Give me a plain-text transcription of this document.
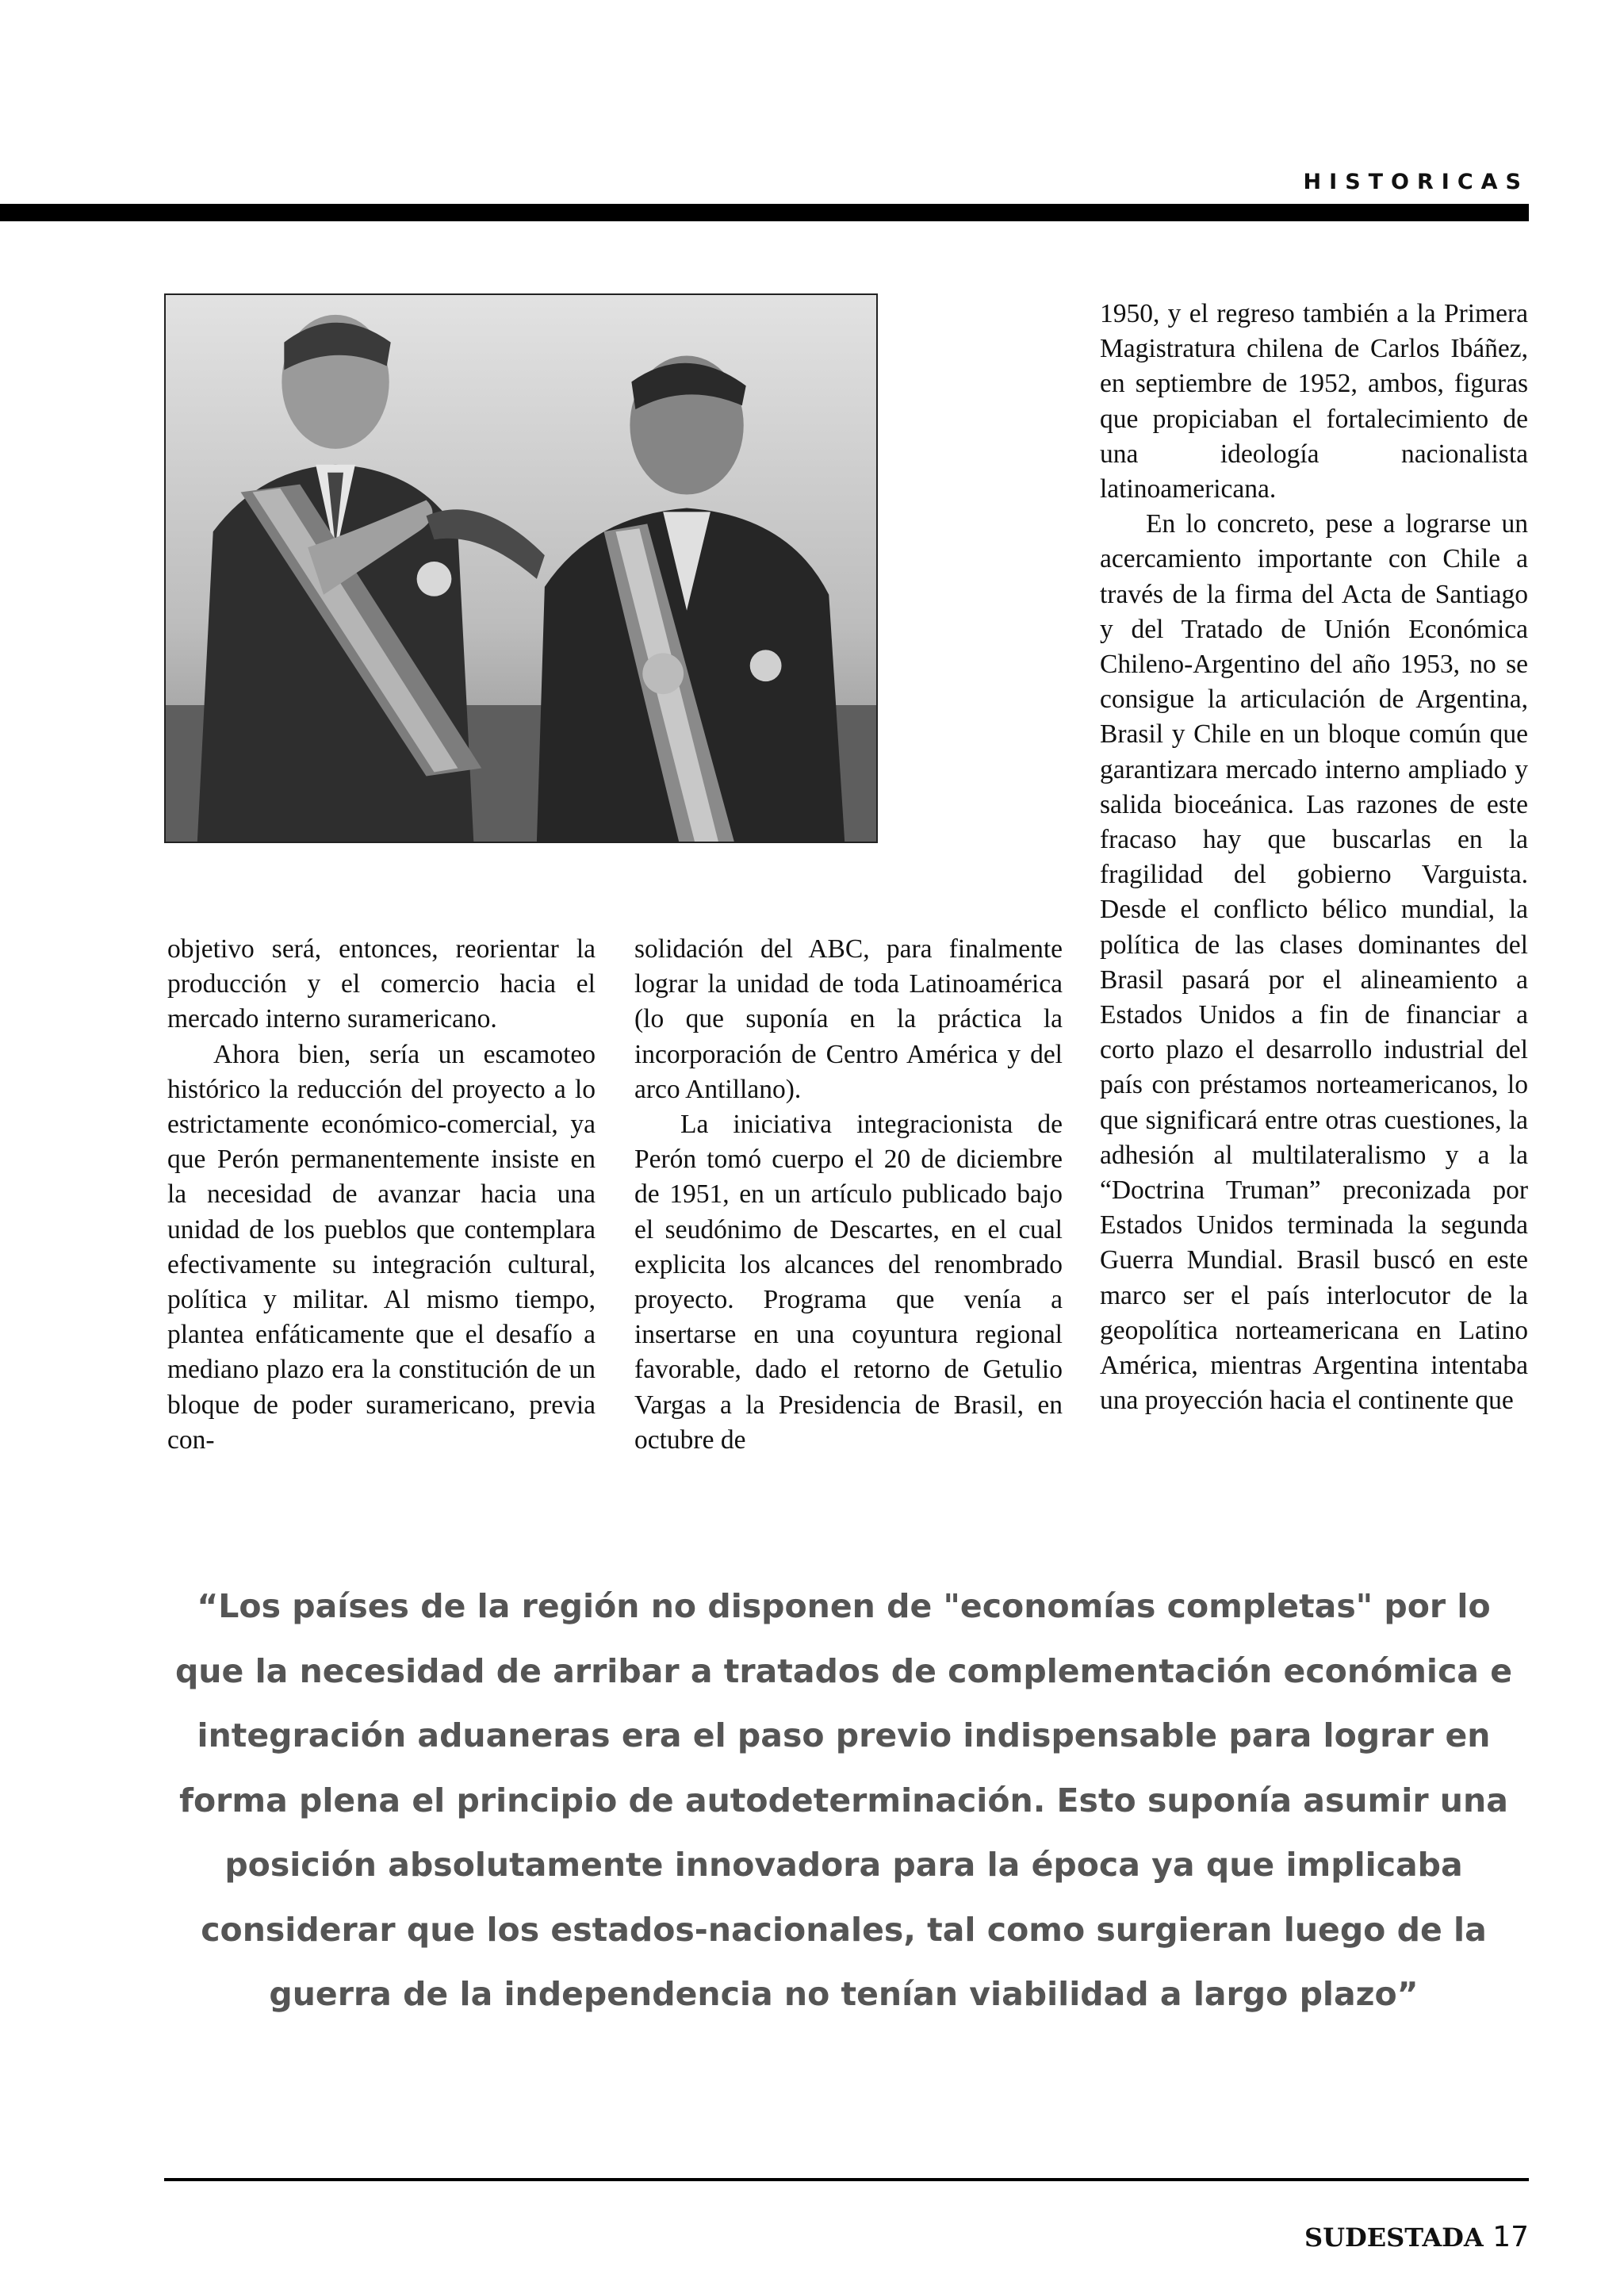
HISTORICAS

objetivo será, entonces, reorientar la producción y el comercio hacia el mercado interno suramericano.

Ahora bien, sería un escamoteo histórico la reducción del proyecto a lo estrictamente económico-comercial, ya que Perón permanentemente insiste en la necesidad de avanzar hacia una unidad de los pueblos que contemplara efectivamente su integración cultural, política y militar. Al mismo tiempo, plantea enfáticamente que el desafío a mediano plazo era la constitución de un bloque de poder suramericano, previa con-

solidación del ABC, para finalmente lograr la unidad de toda Latinoamérica (lo que suponía en la práctica la incorporación de Centro América y del arco Antillano).

La iniciativa integracionista de Perón tomó cuerpo el 20 de diciembre de 1951, en un artículo publicado bajo el seudónimo de Descartes, en el cual explicita los alcances del renombrado proyecto. Programa que venía a insertarse en una coyuntura regional favorable, dado el retorno de Getulio Vargas a la Presidencia de Brasil, en octubre de

1950, y el regreso también a la Primera Magistratura chilena de Carlos Ibáñez, en septiembre de 1952, ambos, figuras que propiciaban el fortalecimiento de una ideología nacionalista latinoamericana.

En lo concreto, pese a lograrse un acercamiento importante con Chile a través de la firma del Acta de Santiago y del Tratado de Unión Económica Chileno-Argentino del año 1953, no se consigue la articulación de Argentina, Brasil y Chile en un bloque común que garantizara mercado interno ampliado y salida bioceánica. Las razones de este fracaso hay que buscarlas en la fragilidad del gobierno Varguista. Desde el conflicto bélico mundial, la política de las clases dominantes del Brasil pasará por el alineamiento a Estados Unidos a fin de financiar a corto plazo el desarrollo industrial del país con préstamos norteamericanos, lo que significará entre otras cuestiones, la adhesión al multilateralismo y a la “Doctrina Truman” preconizada por Estados Unidos terminada la segunda Guerra Mundial. Brasil buscó en este marco ser el país interlocutor de la geopolítica norteamericana en Latino América, mientras Argentina intentaba una proyección hacia el continente que

“Los países de la región no disponen de "economías completas" por lo que la necesidad de arribar a tratados de complementación económica e integración aduaneras era el paso previo indispensable para lograr en forma plena el principio de autodeterminación. Esto suponía asumir una posición absolutamente innovadora para la época ya que implicaba considerar que los estados-nacionales, tal como surgieran luego de la guerra de la independencia no tenían viabilidad a largo plazo”
SUDESTADA 17
